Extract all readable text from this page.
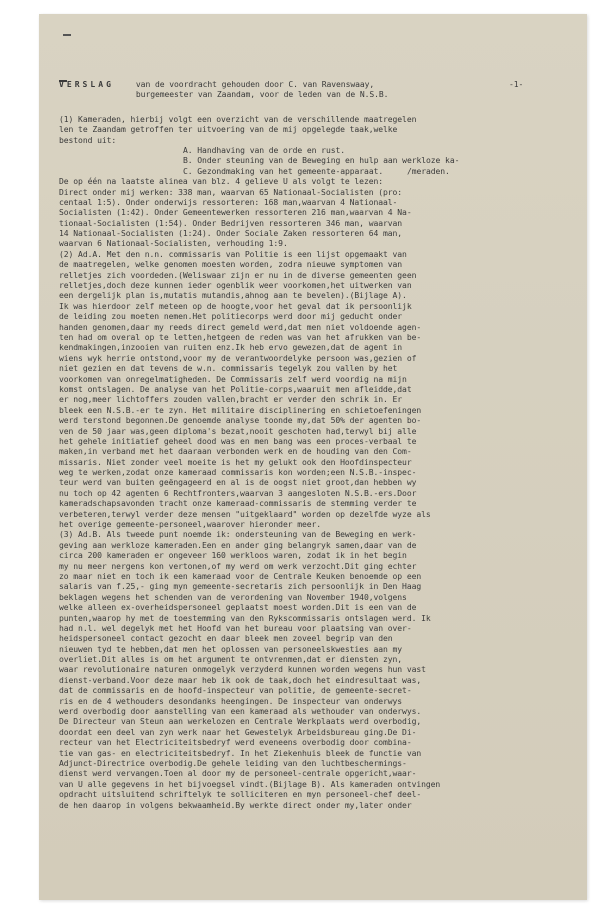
VERSLAG	van de voordracht gehouden door C. van Ravenswaay,
burgemeester van Zaandam, voor de leden van de N.S.B.
-1-
(1) Kameraden, hierbij volgt een overzicht van de verschillende maatregelen
len te Zaandam getroffen ter uitvoering van de mij opgelegde taak,welke
bestond uit:
A. Handhaving van de orde en rust.
B. Onder steuning van de Beweging en hulp aan werkloze ka-
C. Gezondmaking van het gemeente-apparaat.     /meraden.
De op één na laatste alinea van blz. 4 gelieve U als volgt te lezen:
Direct onder mij werken: 338 man, waarvan 65 Nationaal-Socialisten (pro:
centaal 1:5). Onder onderwijs ressorteren: 168 man,waarvan 4 Nationaal-
Socialisten (1:42). Onder Gemeentewerken ressorteren 216 man,waarvan 4 Na-
tionaal-Socialisten (1:54). Onder Bedrijven ressorteren 346 man, waarvan
14 Nationaal-Socialisten (1:24). Onder Sociale Zaken ressorteren 64 man,
waarvan 6 Nationaal-Socialisten, verhouding 1:9.
(2) Ad.A. Met den n.n. commissaris van Politie is een lijst opgemaakt van
de maatregelen, welke genomen moesten worden, zodra nieuwe symptomen van
relletjes zich voordeden.(Weliswaar zijn er nu in de diverse gemeenten geen
relletjes,doch deze kunnen ieder ogenblik weer voorkomen,het uitwerken van
een dergelijk plan is,mutatis mutandis,ahnog aan te bevelen).(Bijlage A).
Ik was hierdoor zelf meteen op de hoogte,voor het geval dat ik persoonlijk
de leiding zou moeten nemen.Het politiecorps werd door mij geducht onder
handen genomen,daar my reeds direct gemeld werd,dat men niet voldoende agen-
ten had om overal op te letten,hetgeen de reden was van het afrukken van be-
kendmakingen,inzooien van ruiten enz.Ik heb ervo gewezen,dat de agent in
wiens wyk herrie ontstond,voor my de verantwoordelyke persoon was,gezien of
niet gezien en dat tevens de w.n. commissaris tegelyk zou vallen by het
voorkomen van onregelmatigheden. De Commissaris zelf werd voordig na mijn
komst ontslagen. De analyse van het Politie-corps,waaruit men afleidde,dat
er nog,meer lichtoffers zouden vallen,bracht er verder den schrik in. Er
bleek een N.S.B.-er te zyn. Het militaire disciplinering en schietoefeningen
werd terstond begonnen.De genoemde analyse toonde my,dat 50% der agenten bo-
ven de 50 jaar was,geen diploma's bezat,nooit geschoten had,terwyl bij alle
het gehele initiatief geheel dood was en men bang was een proces-verbaal te
maken,in verband met het daaraan verbonden werk en de houding van den Com-
missaris. Niet zonder veel moeite is het my gelukt ook den Hoofdinspecteur
weg te werken,zodat onze kameraad commissaris kon worden;een N.S.B.-inspec-
teur werd van buiten geëngageerd en al is de oogst niet groot,dan hebben wy
nu toch op 42 agenten 6 Rechtfronters,waarvan 3 aangesloten N.S.B.-ers.Door
kameradschapsavonden tracht onze kameraad-commissaris de stemming verder te
verbeteren,terwyl verder deze mensen "uitgeklaard" worden op dezelfde wyze als
het overige gemeente-personeel,waarover hieronder meer.
(3) Ad.B. Als tweede punt noemde ik: ondersteuning van de Beweging en werk-
geving aan werkloze kameraden.Een en ander ging belangryk samen,daar van de
circa 200 kameraden er ongeveer 160 werkloos waren, zodat ik in het begin
my nu meer nergens kon vertonen,of my werd om werk verzocht.Dit ging echter
zo maar niet en toch ik een kameraad voor de Centrale Keuken benoemde op een
salaris van f.25,- ging myn gemeente-secretaris zich persoonlijk in Den Haag
beklagen wegens het schenden van de verordening van November 1940,volgens
welke alleen ex-overheidspersoneel geplaatst moest worden.Dit is een van de
punten,waarop hy met de toestemming van den Rykscommissaris ontslagen werd. Ik
had n.l. wel degelyk met het Hoofd van het bureau voor plaatsing van over-
heidspersoneel contact gezocht en daar bleek men zoveel begrip van den
nieuwen tyd te hebben,dat men het oplossen van personeelskwesties aan my
overliet.Dit alles is om het argument te ontvrenmen,dat er diensten zyn,
waar revolutionaire naturen onmogelyk verzyderd kunnen worden wegens hun vast
dienst-verband.Voor deze maar heb ik ook de taak,doch het eindresultaat was,
dat de commissaris en de hoofd-inspecteur van politie, de gemeente-secret-
ris en de 4 wethouders desondanks heengingen. De inspecteur van onderwys
werd overbodig door aanstelling van een kameraad als wethouder van onderwys.
De Directeur van Steun aan werkelozen en Centrale Werkplaats werd overbodig,
doordat een deel van zyn werk naar het Gewestelyk Arbeidsbureau ging.De Di-
recteur van het Electriciteitsbedryf werd eveneens overbodig door combina-
tie van gas- en electriciteitsbedryf. In het Ziekenhuis bleek de functie van
Adjunct-Directrice overbodig.De gehele leiding van den luchtbeschermings-
dienst werd vervangen.Toen al door my de personeel-centrale opgericht,waar-
van U alle gegevens in het bijvoegsel vindt.(Bijlage B). Als kameraden ontvingen
opdracht uitsluitend schriftelyk te solliciteren en myn personeel-chef deel-
de hen daarop in volgens bekwaamheid.By werkte direct onder my,later onder
